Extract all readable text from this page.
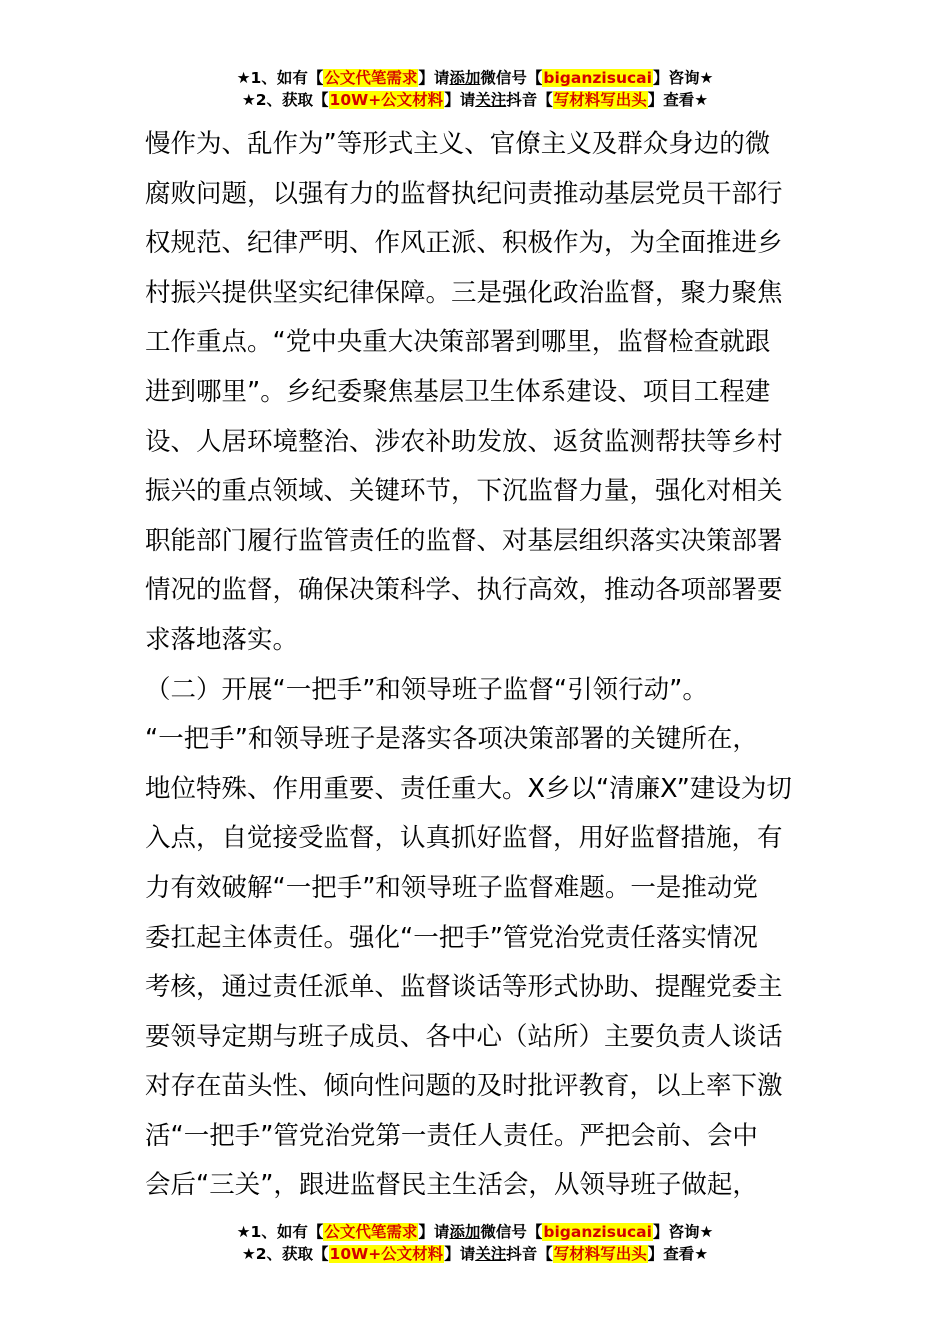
★1、如有【公文代笔需求】请添加微信号【biganzisucai】咨询★
★2、获取【10W+公文材料】请关注抖音【写材料写出头】查看★
慢作为、乱作为”等形式主义、官僚主义及群众身边的微
腐败问题，以强有力的监督执纪问责推动基层党员干部行
权规范、纪律严明、作风正派、积极作为，为全面推进乡
村振兴提供坚实纪律保障。三是强化政治监督，聚力聚焦
工作重点。“党中央重大决策部署到哪里，监督检查就跟
进到哪里”。乡纪委聚焦基层卫生体系建设、项目工程建
设、人居环境整治、涉农补助发放、返贫监测帮扶等乡村
振兴的重点领域、关键环节，下沉监督力量，强化对相关
职能部门履行监管责任的监督、对基层组织落实决策部署
情况的监督，确保决策科学、执行高效，推动各项部署要
求落地落实。
（二）开展“一把手”和领导班子监督“引领行动”。
“一把手”和领导班子是落实各项决策部署的关键所在，
地位特殊、作用重要、责任重大。X乡以“清廉X”建设为切
入点，自觉接受监督，认真抓好监督，用好监督措施，有
力有效破解“一把手”和领导班子监督难题。一是推动党
委扛起主体责任。强化“一把手”管党治党责任落实情况
考核，通过责任派单、监督谈话等形式协助、提醒党委主
要领导定期与班子成员、各中心（站所）主要负责人谈话
对存在苗头性、倾向性问题的及时批评教育，以上率下激
活“一把手”管党治党第一责任人责任。严把会前、会中
会后“三关”，跟进监督民主生活会，从领导班子做起，
★1、如有【公文代笔需求】请添加微信号【biganzisucai】咨询★
★2、获取【10W+公文材料】请关注抖音【写材料写出头】查看★
